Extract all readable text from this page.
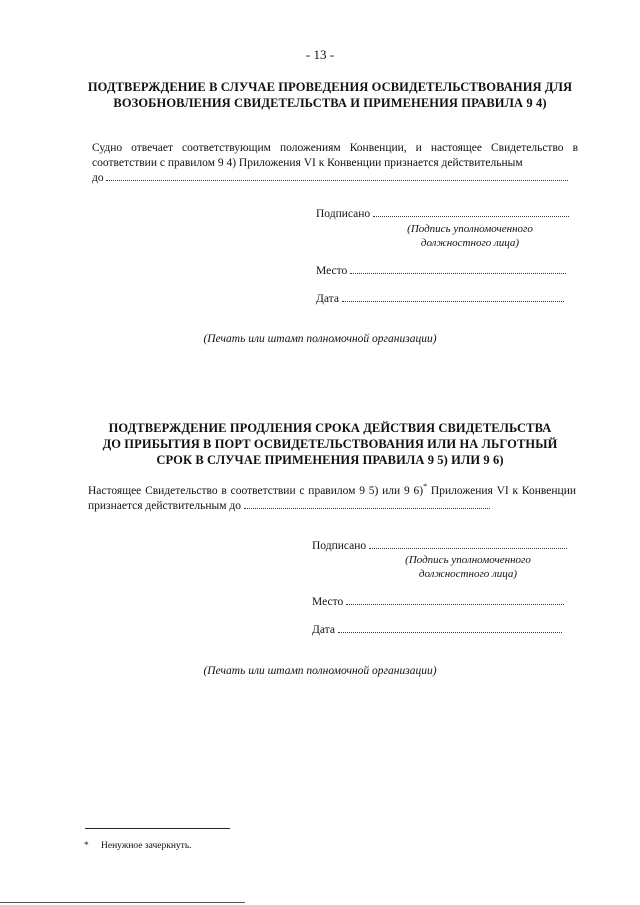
- 13 -
ПОДТВЕРЖДЕНИЕ В СЛУЧАЕ ПРОВЕДЕНИЯ ОСВИДЕТЕЛЬСТВОВАНИЯ ДЛЯ
ВОЗОБНОВЛЕНИЯ СВИДЕТЕЛЬСТВА И ПРИМЕНЕНИЯ ПРАВИЛА 9 4)
Судно отвечает соответствующим положениям Конвенции, и настоящее Свидетельство в соответствии с правилом 9 4) Приложения VI к Конвенции признается действительным
до
Подписано
(Подпись уполномоченного
должностного лица)
Место
Дата
(Печать или штамп полномочной организации)
ПОДТВЕРЖДЕНИЕ ПРОДЛЕНИЯ СРОКА ДЕЙСТВИЯ СВИДЕТЕЛЬСТВА
ДО ПРИБЫТИЯ В ПОРТ ОСВИДЕТЕЛЬСТВОВАНИЯ ИЛИ НА ЛЬГОТНЫЙ
СРОК В СЛУЧАЕ ПРИМЕНЕНИЯ ПРАВИЛА 9 5) ИЛИ 9 6)
Настоящее Свидетельство в соответствии с правилом 9 5) или 9 6)* Приложения VI к Конвенции признается действительным до
Подписано
(Подпись уполномоченного
должностного лица)
Место
Дата
(Печать или штамп полномочной организации)
* Ненужное зачеркнуть.
